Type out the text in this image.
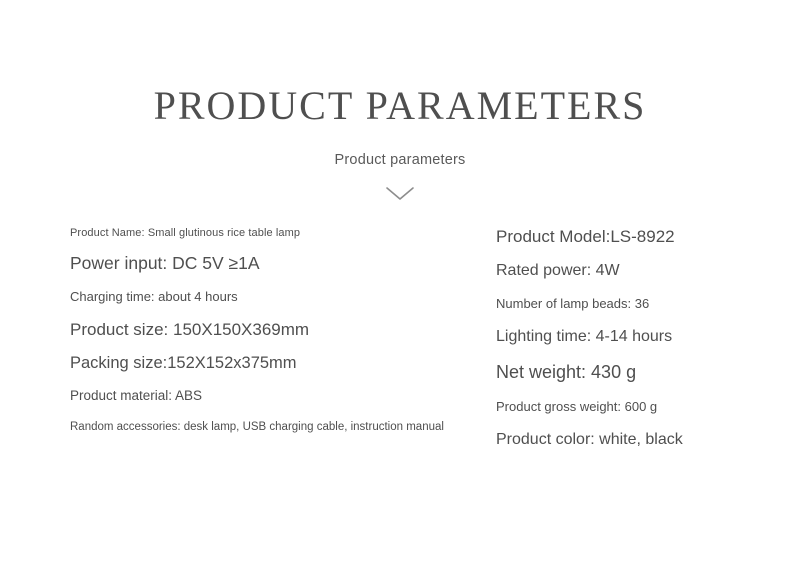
PRODUCT PARAMETERS
Product parameters
Product Name: Small glutinous rice table lamp
Power input: DC 5V ≥1A
Charging time: about 4 hours
Product size: 150X150X369mm
Packing size:152X152x375mm
Product material: ABS
Random accessories: desk lamp, USB charging cable, instruction manual
Product Model:LS-8922
Rated power: 4W
Number of lamp beads: 36
Lighting time: 4-14 hours
Net weight: 430 g
Product gross weight: 600 g
Product color: white, black
